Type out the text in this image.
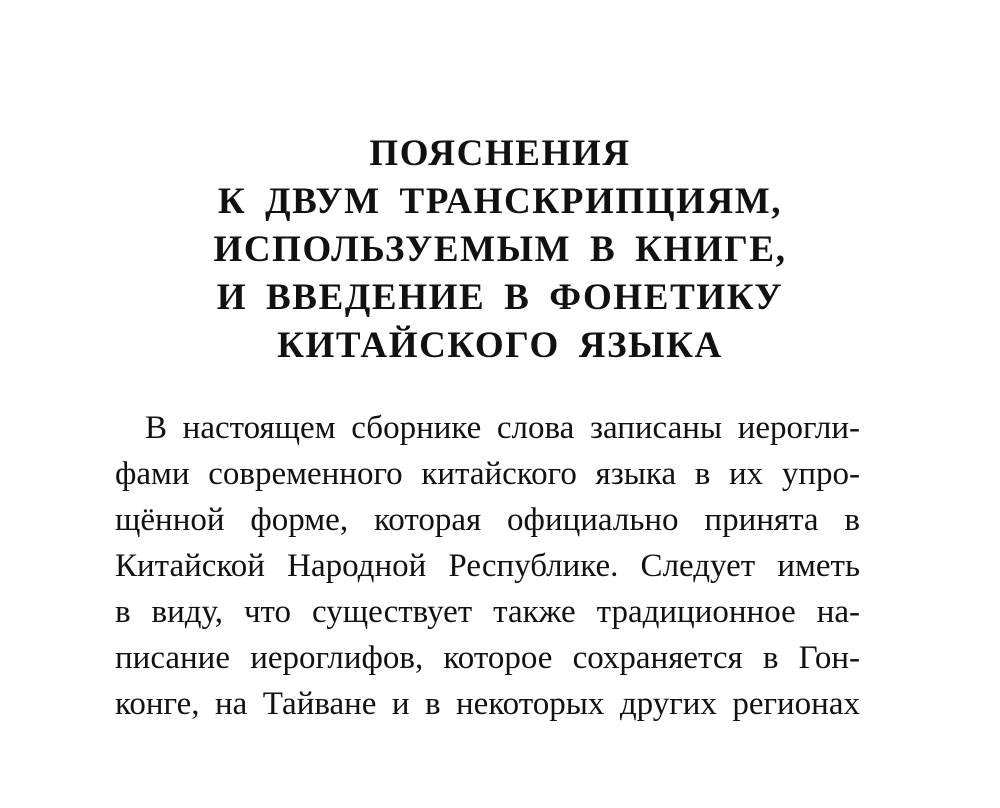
ПОЯСНЕНИЯ
К ДВУМ ТРАНСКРИПЦИЯМ,
ИСПОЛЬЗУЕМЫМ В КНИГЕ,
И ВВЕДЕНИЕ В ФОНЕТИКУ
КИТАЙСКОГО ЯЗЫКА
В настоящем сборнике слова записаны иерогли-
фами современного китайского языка в их упро-
щённой форме, которая официально принята в
Китайской Народной Республике. Следует иметь
в виду, что существует также традиционное на-
писание иероглифов, которое сохраняется в Гон-
конге, на Тайване и в некоторых других регионах
